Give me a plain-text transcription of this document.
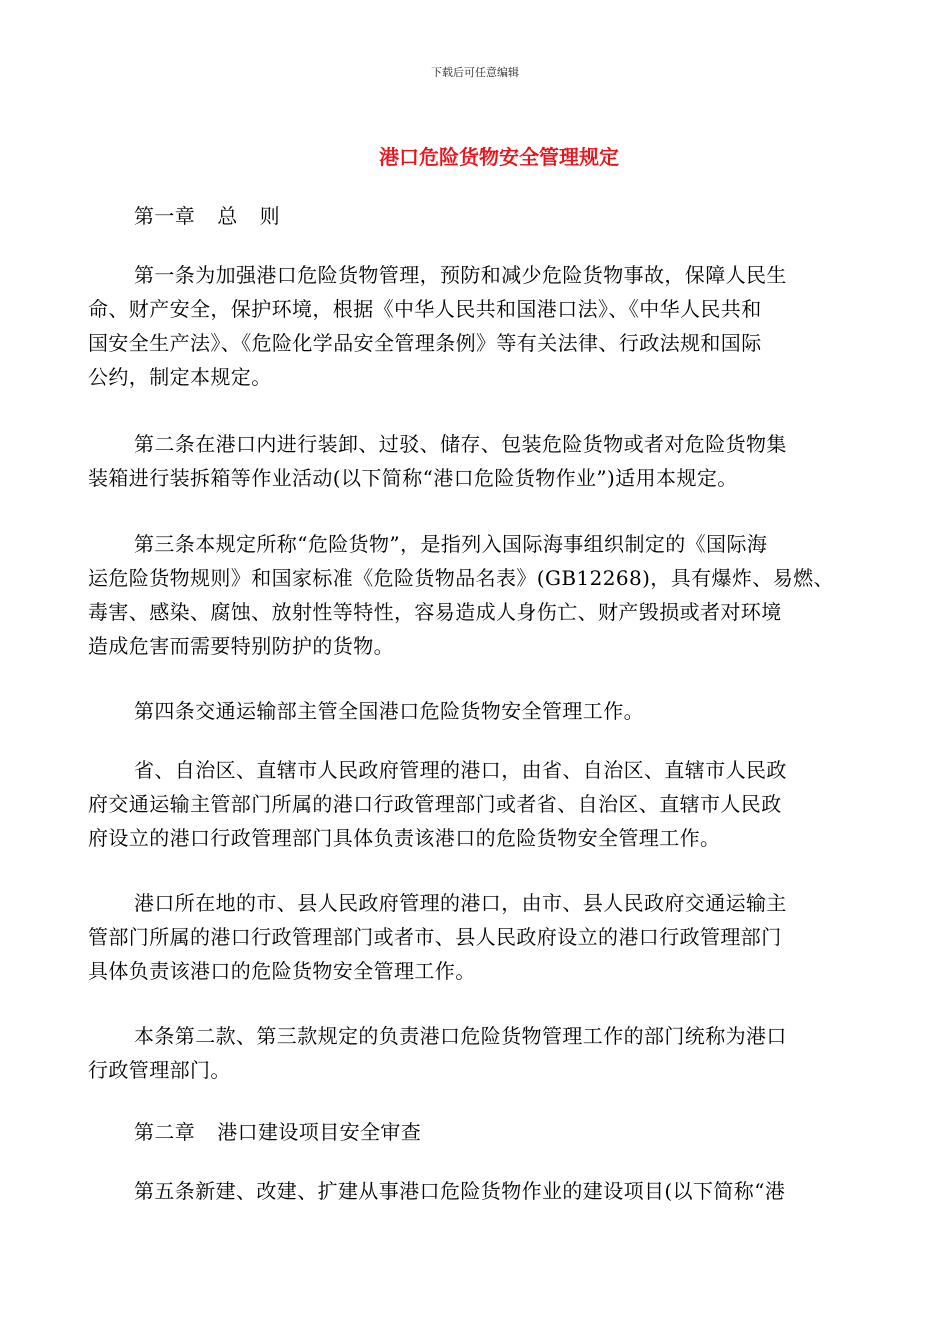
下载后可任意编辑
港口危险货物安全管理规定
第一章 总 则
第一条为加强港口危险货物管理，预防和减少危险货物事故，保障人民生
命、财产安全，保护环境，根据《中华人民共和国港口法》、《中华人民共和
国安全生产法》、《危险化学品安全管理条例》等有关法律、行政法规和国际
公约，制定本规定。
第二条在港口内进行装卸、过驳、储存、包装危险货物或者对危险货物集
装箱进行装拆箱等作业活动(以下简称“港口危险货物作业”)适用本规定。
第三条本规定所称“危险货物”，是指列入国际海事组织制定的《国际海
运危险货物规则》和国家标准《危险货物品名表》(GB12268)，具有爆炸、易燃、
毒害、感染、腐蚀、放射性等特性，容易造成人身伤亡、财产毁损或者对环境
造成危害而需要特别防护的货物。
第四条交通运输部主管全国港口危险货物安全管理工作。
省、自治区、直辖市人民政府管理的港口，由省、自治区、直辖市人民政
府交通运输主管部门所属的港口行政管理部门或者省、自治区、直辖市人民政
府设立的港口行政管理部门具体负责该港口的危险货物安全管理工作。
港口所在地的市、县人民政府管理的港口，由市、县人民政府交通运输主
管部门所属的港口行政管理部门或者市、县人民政府设立的港口行政管理部门
具体负责该港口的危险货物安全管理工作。
本条第二款、第三款规定的负责港口危险货物管理工作的部门统称为港口
行政管理部门。
第二章 港口建设项目安全审查
第五条新建、改建、扩建从事港口危险货物作业的建设项目(以下简称“港
